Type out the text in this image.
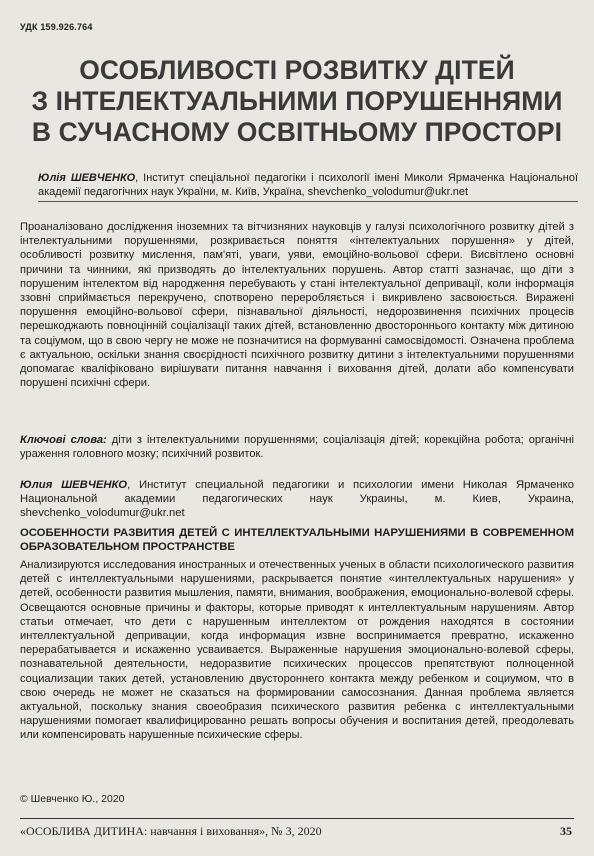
УДК 159.926.764
ОСОБЛИВОСТІ РОЗВИТКУ ДІТЕЙ
З ІНТЕЛЕКТУАЛЬНИМИ ПОРУШЕННЯМИ
В СУЧАСНОМУ ОСВІТНЬОМУ ПРОСТОРІ
Юлія ШЕВЧЕНКО, Інститут спеціальної педагогіки і психології імені Миколи Ярмаченка Національної академії педагогічних наук України, м. Київ, Україна, shevchenko_volodumur@ukr.net

Проаналізовано дослідження іноземних та вітчизняних науковців у галузі психологічного розвитку дітей з інтелектуальними порушеннями, розкривається поняття «інтелектуальних порушення» у дітей, особливості розвитку мислення, пам'яті, уваги, уяви, емоційно-вольової сфери. Висвітлено основні причини та чинники, які призводять до інтелектуальних порушень. Автор статті зазначає, що діти з порушеним інтелектом від народження перебувають у стані інтелектуальної депривації, коли інформація ззовні сприймається перекручено, спотворено переробляється і викривлено засвоюється. Виражені порушення емоційно-вольової сфери, пізнавальної діяльності, недорозвинення психічних процесів перешкоджають повноцінній соціалізації таких дітей, встановленню двостороннього контакту між дитиною та соціумом, що в свою чергу не може не позначитися на формуванні самосвідомості. Означена проблема є актуальною, оскільки знання своєрідності психічного розвитку дитини з інтелектуальними порушеннями допомагає кваліфіковано вирішувати питання навчання і виховання дітей, долати або компенсувати порушені психічні сфери.

Ключові слова: діти з інтелектуальними порушеннями; соціалізація дітей; корекційна робота; органічні ураження головного мозку; психічний розвиток.

Юлия ШЕВЧЕНКО, Институт специальной педагогики и психологии имени Николая Ярмаченко Национальной академии педагогических наук Украины, м. Киев, Украина, shevchenko_volodumur@ukr.net

ОСОБЕННОСТИ РАЗВИТИЯ ДЕТЕЙ С ИНТЕЛЛЕКТУАЛЬНЫМИ НАРУШЕНИЯМИ В СОВРЕМЕННОМ ОБРАЗОВАТЕЛЬНОМ ПРОСТРАНСТВЕ

Анализируются исследования иностранных и отечественных ученых в области психологического развития детей с интеллектуальными нарушениями, раскрывается понятие «интеллектуальных нарушения» у детей, особенности развития мышления, памяти, внимания, воображения, емоционально-волевой сферы. Освещаются основные причины и факторы, которые приводят к интеллектуальным нарушениям. Автор статьи отмечает, что дети с нарушенным интеллектом от рождения находятся в состоянии интеллектуальной депривации, когда информация извне воспринимается превратно, искаженно перерабатывается и искаженно усваивается. Выраженные нарушения эмоционально-волевой сферы, познавательной деятельности, недоразвитие психических процессов препятствуют полноценной социализации таких детей, установлению двустороннего контакта между ребенком и социумом, что в свою очередь не может не сказаться на формировании самосознания. Данная проблема является актуальной, поскольку знания своеобразия психического развития ребенка с интеллектуальными нарушениями помогает квалифицированно решать вопросы обучения и воспитания детей, преодолевать или компенсировать нарушенные психические сферы.

© Шевченко Ю., 2020
«ОСОБЛИВА ДИТИНА: навчання і виховання», № 3, 2020	35
